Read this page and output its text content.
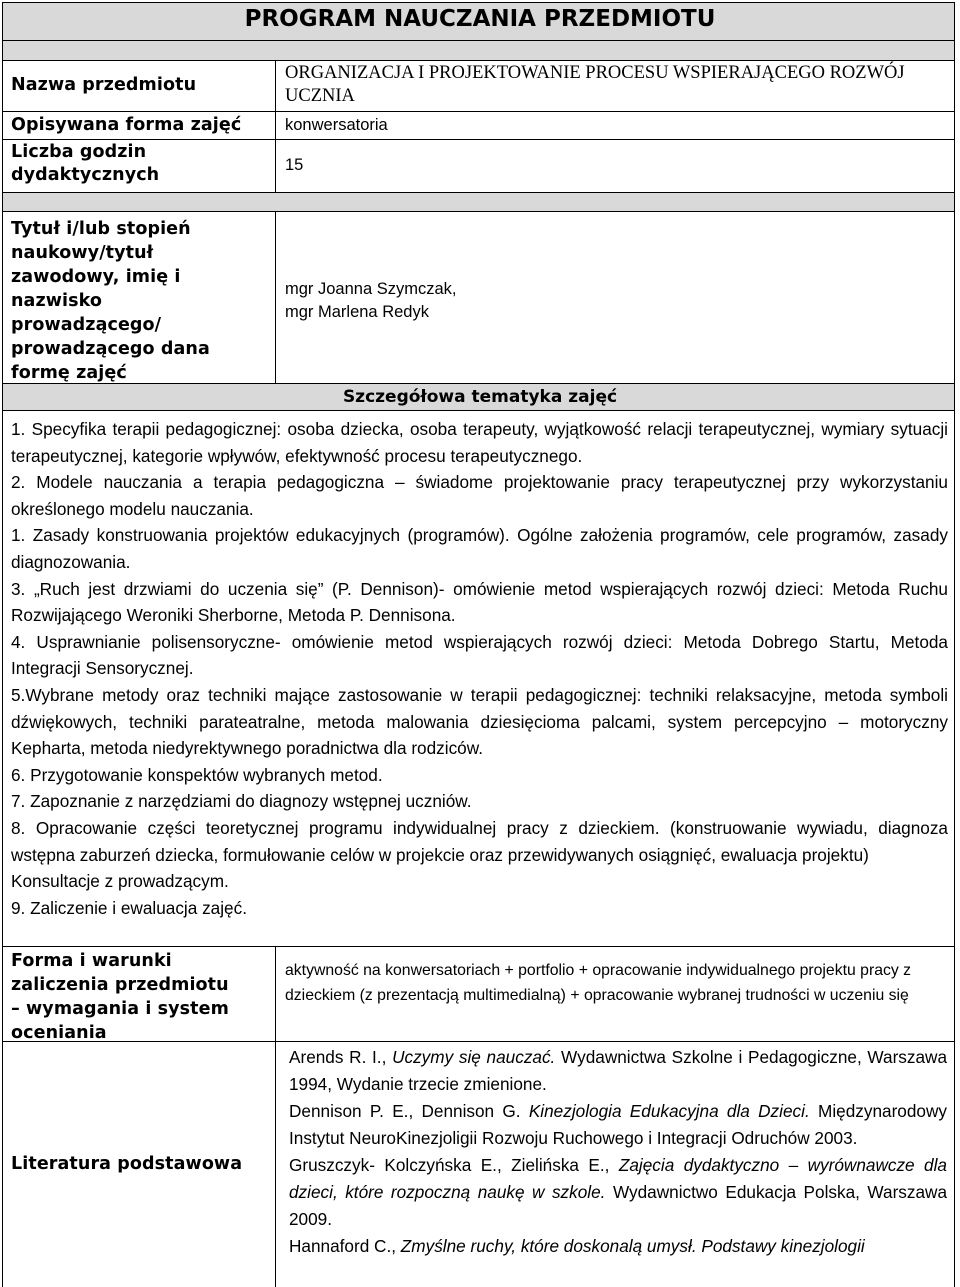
PROGRAM NAUCZANIA PRZEDMIOTU
Nazwa przedmiotu
ORGANIZACJA I PROJEKTOWANIE PROCESU WSPIERAJĄCEGO ROZWÓJ UCZNIA
Opisywana forma zajęć	konwersatoria
Liczba godzin
dydaktycznych	15
Tytuł i/lub stopień
naukowy/tytuł
zawodowy, imię i
nazwisko
prowadzącego/
prowadzącego dana
formę zajęć
mgr Joanna Szymczak,
mgr Marlena Redyk
Szczegółowa tematyka zajęć

1. Specyfika terapii pedagogicznej: osoba dziecka, osoba terapeuty, wyjątkowość relacji terapeutycznej, wymiary sytuacji terapeutycznej, kategorie wpływów, efektywność procesu terapeutycznego.

2. Modele nauczania a terapia pedagogiczna – świadome projektowanie pracy terapeutycznej przy wykorzystaniu określonego modelu nauczania.

1. Zasady konstruowania projektów edukacyjnych (programów). Ogólne założenia programów, cele programów, zasady diagnozowania.

3. „Ruch jest drzwiami do uczenia się” (P. Dennison)- omówienie metod wspierających rozwój dzieci: Metoda Ruchu Rozwijającego Weroniki Sherborne, Metoda P. Dennisona.

4. Usprawnianie polisensoryczne- omówienie metod wspierających rozwój dzieci: Metoda Dobrego Startu, Metoda Integracji Sensorycznej.

5.Wybrane metody oraz techniki mające zastosowanie w terapii pedagogicznej: techniki relaksacyjne, metoda symboli dźwiękowych, techniki parateatralne, metoda malowania dziesięcioma palcami, system percepcyjno – motoryczny Kepharta, metoda niedyrektywnego poradnictwa dla rodziców.

6. Przygotowanie konspektów wybranych metod.

7. Zapoznanie z narzędziami do diagnozy wstępnej uczniów.

8. Opracowanie części teoretycznej programu indywidualnej pracy z dzieckiem. (konstruowanie wywiadu, diagnoza wstępna zaburzeń dziecka, formułowanie celów w projekcie oraz przewidywanych osiągnięć, ewaluacja projektu)

Konsultacje z prowadzącym.

9. Zaliczenie i ewaluacja zajęć.

Forma i warunki
zaliczenia przedmiotu
– wymagania i system
oceniania
aktywność na konwersatoriach + portfolio + opracowanie indywidualnego projektu pracy z dzieckiem (z prezentacją multimedialną) + opracowanie wybranej trudności w uczeniu się
Literatura podstawowa

Arends R. I., Uczymy się nauczać. Wydawnictwa Szkolne i Pedagogiczne, Warszawa 1994, Wydanie trzecie zmienione.

Dennison P. E., Dennison G. Kinezjologia Edukacyjna dla Dzieci. Międzynarodowy Instytut NeuroKinezjoligii Rozwoju Ruchowego i Integracji Odruchów 2003.

Gruszczyk- Kolczyńska E., Zielińska E., Zajęcia dydaktyczno – wyrównawcze dla dzieci, które rozpoczną naukę w szkole. Wydawnictwo Edukacja Polska, Warszawa 2009.

Hannaford C., Zmyślne ruchy, które doskonalą umysł. Podstawy kinezjologii
